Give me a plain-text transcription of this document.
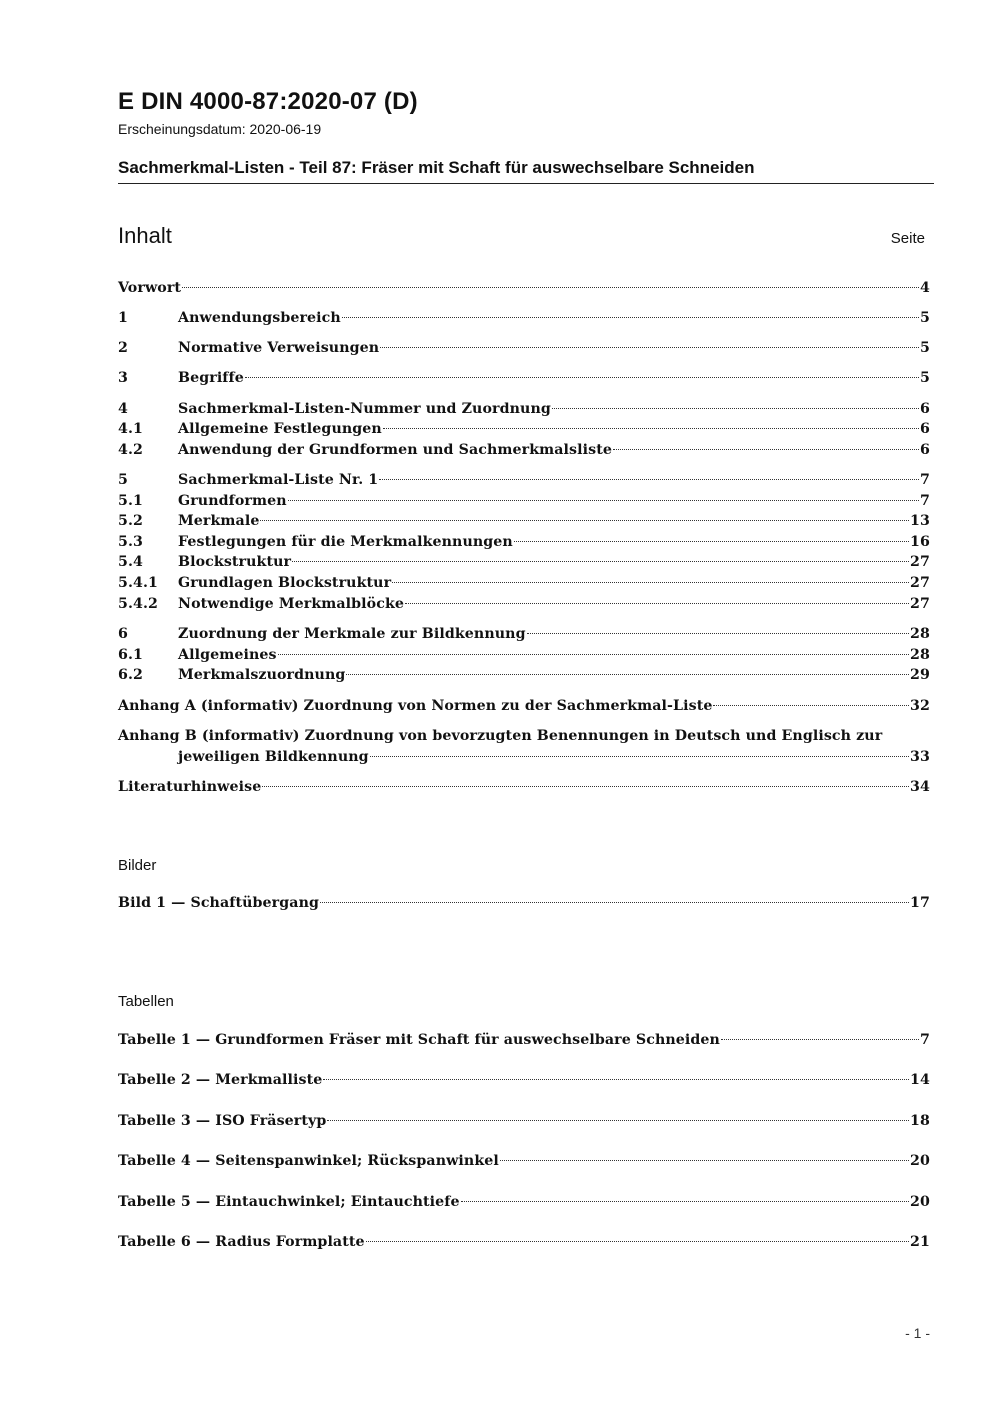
E DIN 4000-87:2020-07 (D)
Erscheinungsdatum: 2020-06-19
Sachmerkmal-Listen - Teil 87: Fräser mit Schaft für auswechselbare Schneiden
Inhalt	Seite
Vorwort	4
1	Anwendungsbereich	5
2	Normative Verweisungen	5
3	Begriffe	5
4	Sachmerkmal-Listen-Nummer und Zuordnung	6
4.1	Allgemeine Festlegungen	6
4.2	Anwendung der Grundformen und Sachmerkmalsliste	6
5	Sachmerkmal-Liste Nr. 1	7
5.1	Grundformen	7
5.2	Merkmale	13
5.3	Festlegungen für die Merkmalkennungen	16
5.4	Blockstruktur	27
5.4.1	Grundlagen Blockstruktur	27
5.4.2	Notwendige Merkmalblöcke	27
6	Zuordnung der Merkmale zur Bildkennung	28
6.1	Allgemeines	28
6.2	Merkmalszuordnung	29
Anhang A (informativ) Zuordnung von Normen zu der Sachmerkmal-Liste	32
Anhang B (informativ) Zuordnung von bevorzugten Benennungen in Deutsch und Englisch zur
jeweiligen Bildkennung	33
Literaturhinweise	34
Bilder
Bild 1 — Schaftübergang	17
Tabellen
Tabelle 1 — Grundformen Fräser mit Schaft für auswechselbare Schneiden	7
Tabelle 2 — Merkmalliste	14
Tabelle 3 — ISO Fräsertyp	18
Tabelle 4 — Seitenspanwinkel; Rückspanwinkel	20
Tabelle 5 — Eintauchwinkel; Eintauchtiefe	20
Tabelle 6 — Radius Formplatte	21
- 1 -
